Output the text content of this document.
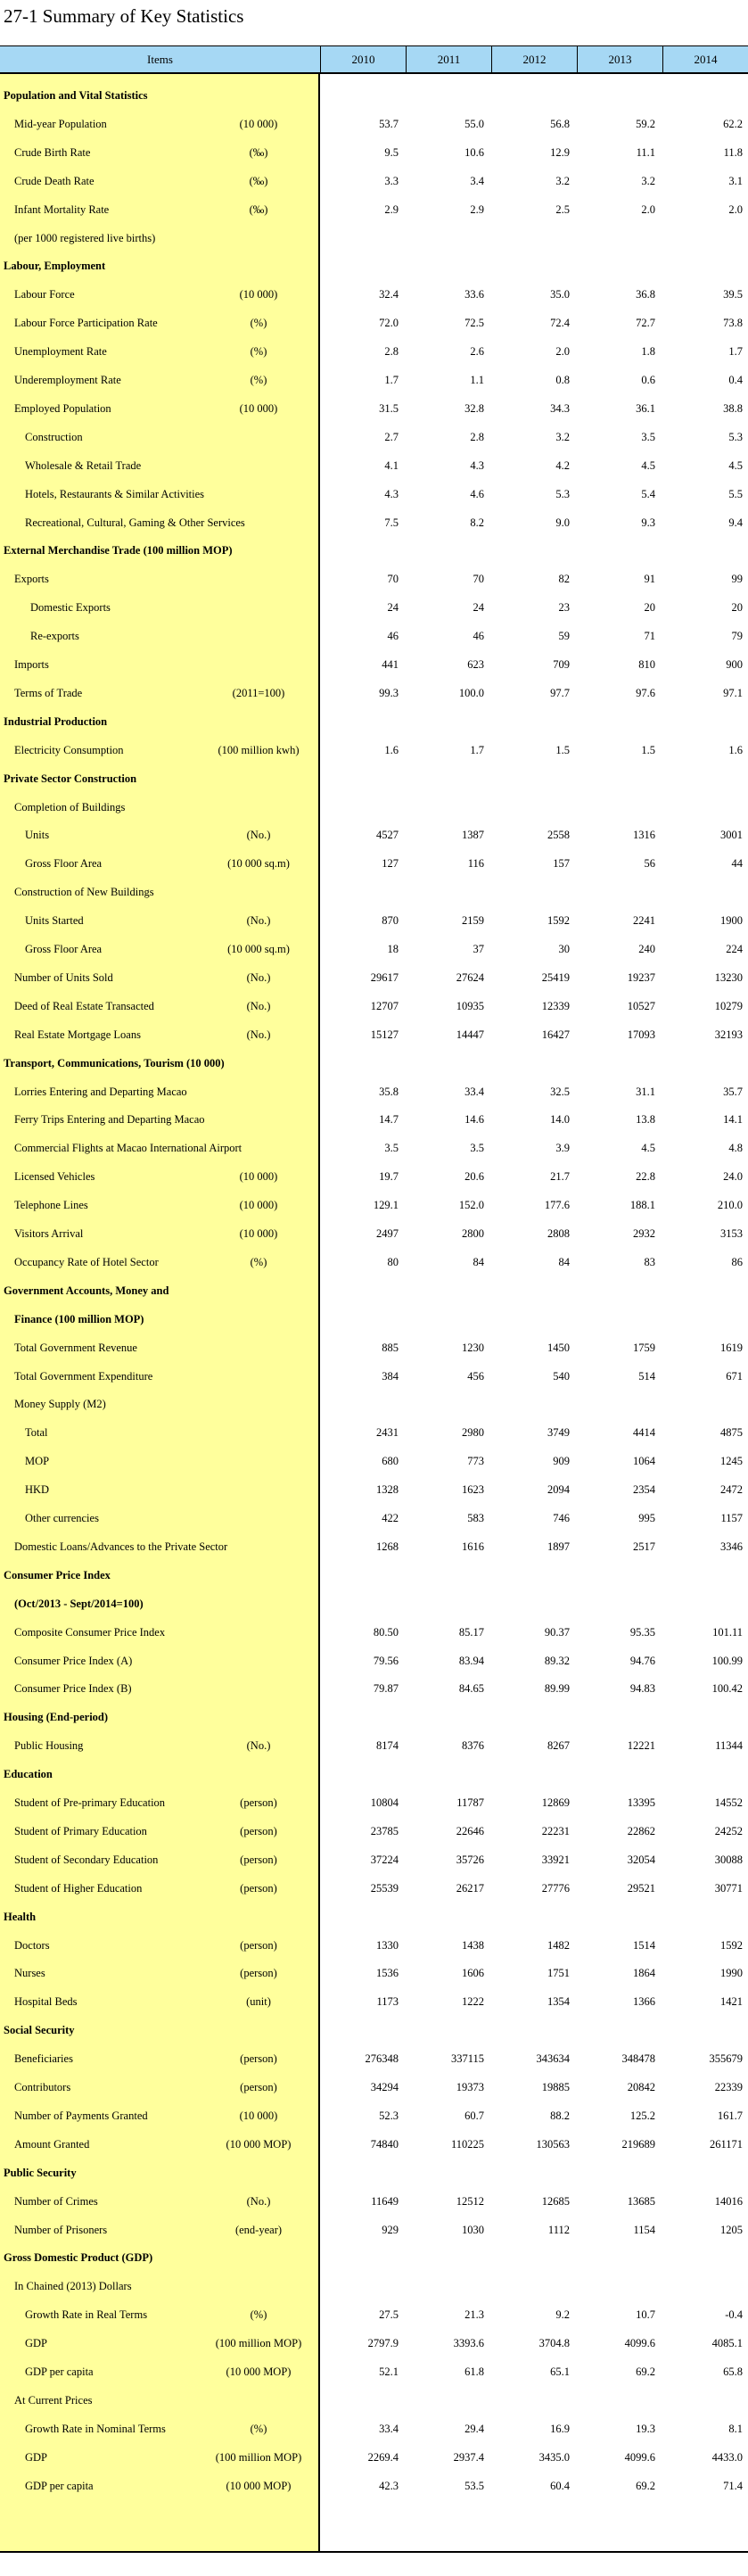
27-1 Summary of Key Statistics
Items	2010	2011	2012	2013	2014
Population and Vital Statistics
Mid-year Population	(10 000)	53.7	55.0	56.8	59.2	62.2
Crude Birth Rate	(‰)	9.5	10.6	12.9	11.1	11.8
Crude Death Rate	(‰)	3.3	3.4	3.2	3.2	3.1
Infant Mortality Rate	(‰)	2.9	2.9	2.5	2.0	2.0
(per 1000 registered live births)
Labour, Employment
Labour Force	(10 000)	32.4	33.6	35.0	36.8	39.5
Labour Force Participation Rate	(%)	72.0	72.5	72.4	72.7	73.8
Unemployment Rate	(%)	2.8	2.6	2.0	1.8	1.7
Underemployment Rate	(%)	1.7	1.1	0.8	0.6	0.4
Employed Population	(10 000)	31.5	32.8	34.3	36.1	38.8
Construction	2.7	2.8	3.2	3.5	5.3
Wholesale & Retail Trade	4.1	4.3	4.2	4.5	4.5
Hotels, Restaurants & Similar Activities	4.3	4.6	5.3	5.4	5.5
Recreational, Cultural, Gaming & Other Services	7.5	8.2	9.0	9.3	9.4
External Merchandise Trade (100 million MOP)
Exports	70	70	82	91	99
Domestic Exports	24	24	23	20	20
Re-exports	46	46	59	71	79
Imports	441	623	709	810	900
Terms of Trade	(2011=100)	99.3	100.0	97.7	97.6	97.1
Industrial Production
Electricity Consumption	(100 million kwh)	1.6	1.7	1.5	1.5	1.6
Private Sector Construction
Completion of Buildings
Units	(No.)	4527	1387	2558	1316	3001
Gross Floor Area	(10 000 sq.m)	127	116	157	56	44
Construction of New Buildings
Units Started	(No.)	870	2159	1592	2241	1900
Gross Floor Area	(10 000 sq.m)	18	37	30	240	224
Number of Units Sold	(No.)	29617	27624	25419	19237	13230
Deed of Real Estate Transacted	(No.)	12707	10935	12339	10527	10279
Real Estate Mortgage Loans	(No.)	15127	14447	16427	17093	32193
Transport, Communications, Tourism (10 000)
Lorries Entering and Departing Macao	35.8	33.4	32.5	31.1	35.7
Ferry Trips Entering and Departing Macao	14.7	14.6	14.0	13.8	14.1
Commercial Flights at Macao International Airport	3.5	3.5	3.9	4.5	4.8
Licensed Vehicles	(10 000)	19.7	20.6	21.7	22.8	24.0
Telephone Lines	(10 000)	129.1	152.0	177.6	188.1	210.0
Visitors Arrival	(10 000)	2497	2800	2808	2932	3153
Occupancy Rate of Hotel Sector	(%)	80	84	84	83	86
Government Accounts, Money and
Finance (100 million MOP)
Total Government Revenue	885	1230	1450	1759	1619
Total Government Expenditure	384	456	540	514	671
Money Supply (M2)
Total	2431	2980	3749	4414	4875
MOP	680	773	909	1064	1245
HKD	1328	1623	2094	2354	2472
Other currencies	422	583	746	995	1157
Domestic Loans/Advances to the Private Sector	1268	1616	1897	2517	3346
Consumer Price Index
(Oct/2013 - Sept/2014=100)
Composite Consumer Price Index	80.50	85.17	90.37	95.35	101.11
Consumer Price Index (A)	79.56	83.94	89.32	94.76	100.99
Consumer Price Index (B)	79.87	84.65	89.99	94.83	100.42
Housing (End-period)
Public Housing	(No.)	8174	8376	8267	12221	11344
Education
Student of Pre-primary Education	(person)	10804	11787	12869	13395	14552
Student of Primary Education	(person)	23785	22646	22231	22862	24252
Student of Secondary Education	(person)	37224	35726	33921	32054	30088
Student of Higher Education	(person)	25539	26217	27776	29521	30771
Health
Doctors	(person)	1330	1438	1482	1514	1592
Nurses	(person)	1536	1606	1751	1864	1990
Hospital Beds	(unit)	1173	1222	1354	1366	1421
Social Security
Beneficiaries	(person)	276348	337115	343634	348478	355679
Contributors	(person)	34294	19373	19885	20842	22339
Number of Payments Granted	(10 000)	52.3	60.7	88.2	125.2	161.7
Amount Granted	(10 000 MOP)	74840	110225	130563	219689	261171
Public Security
Number of Crimes	(No.)	11649	12512	12685	13685	14016
Number of Prisoners	(end-year)	929	1030	1112	1154	1205
Gross Domestic Product (GDP)
In Chained (2013) Dollars
Growth Rate in Real Terms	(%)	27.5	21.3	9.2	10.7	-0.4
GDP	(100 million MOP)	2797.9	3393.6	3704.8	4099.6	4085.1
GDP per capita	(10 000 MOP)	52.1	61.8	65.1	69.2	65.8
At Current Prices
Growth Rate in Nominal Terms	(%)	33.4	29.4	16.9	19.3	8.1
GDP	(100 million MOP)	2269.4	2937.4	3435.0	4099.6	4433.0
GDP per capita	(10 000 MOP)	42.3	53.5	60.4	69.2	71.4
